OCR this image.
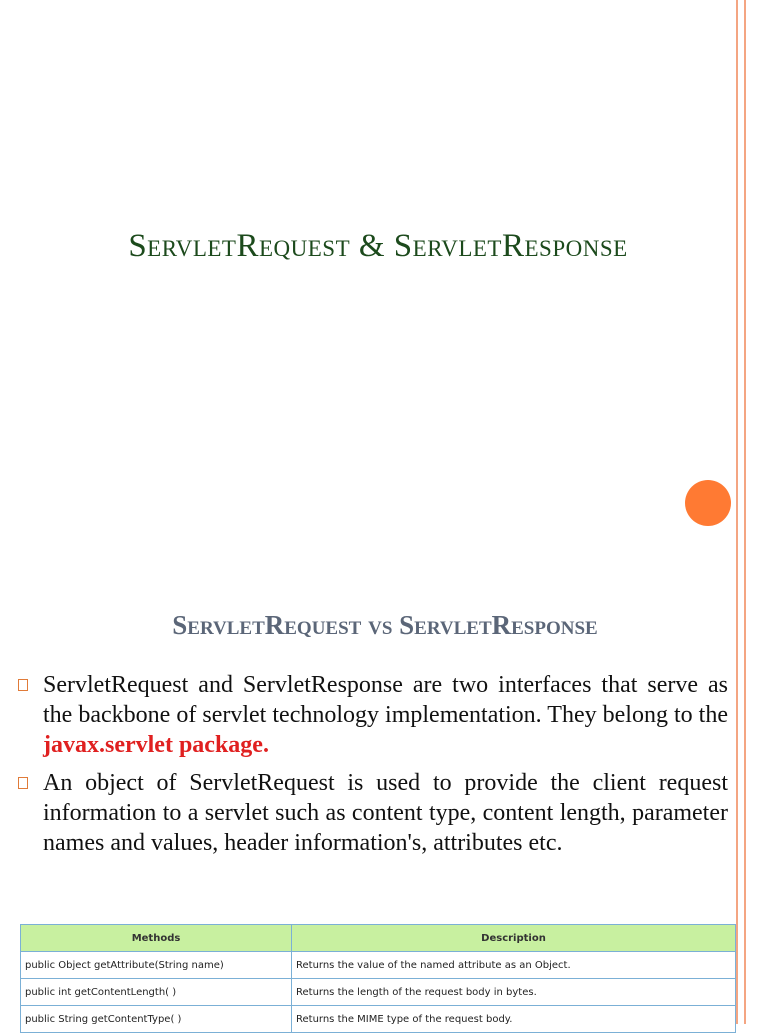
ServletRequest & ServletResponse
ServletRequest vs ServletResponse
ServletRequest and ServletResponse are two interfaces that serve as the backbone of servlet technology implementation. They belong to the javax.servlet package.
An object of ServletRequest is used to provide the client request information to a servlet such as content type, content length, parameter names and values, header information's, attributes etc.
Methods	Description
public Object getAttribute(String name)	Returns the value of the named attribute as an Object.
public int getContentLength( )	Returns the length of the request body in bytes.
public String getContentType( )	Returns the MIME type of the request body.
